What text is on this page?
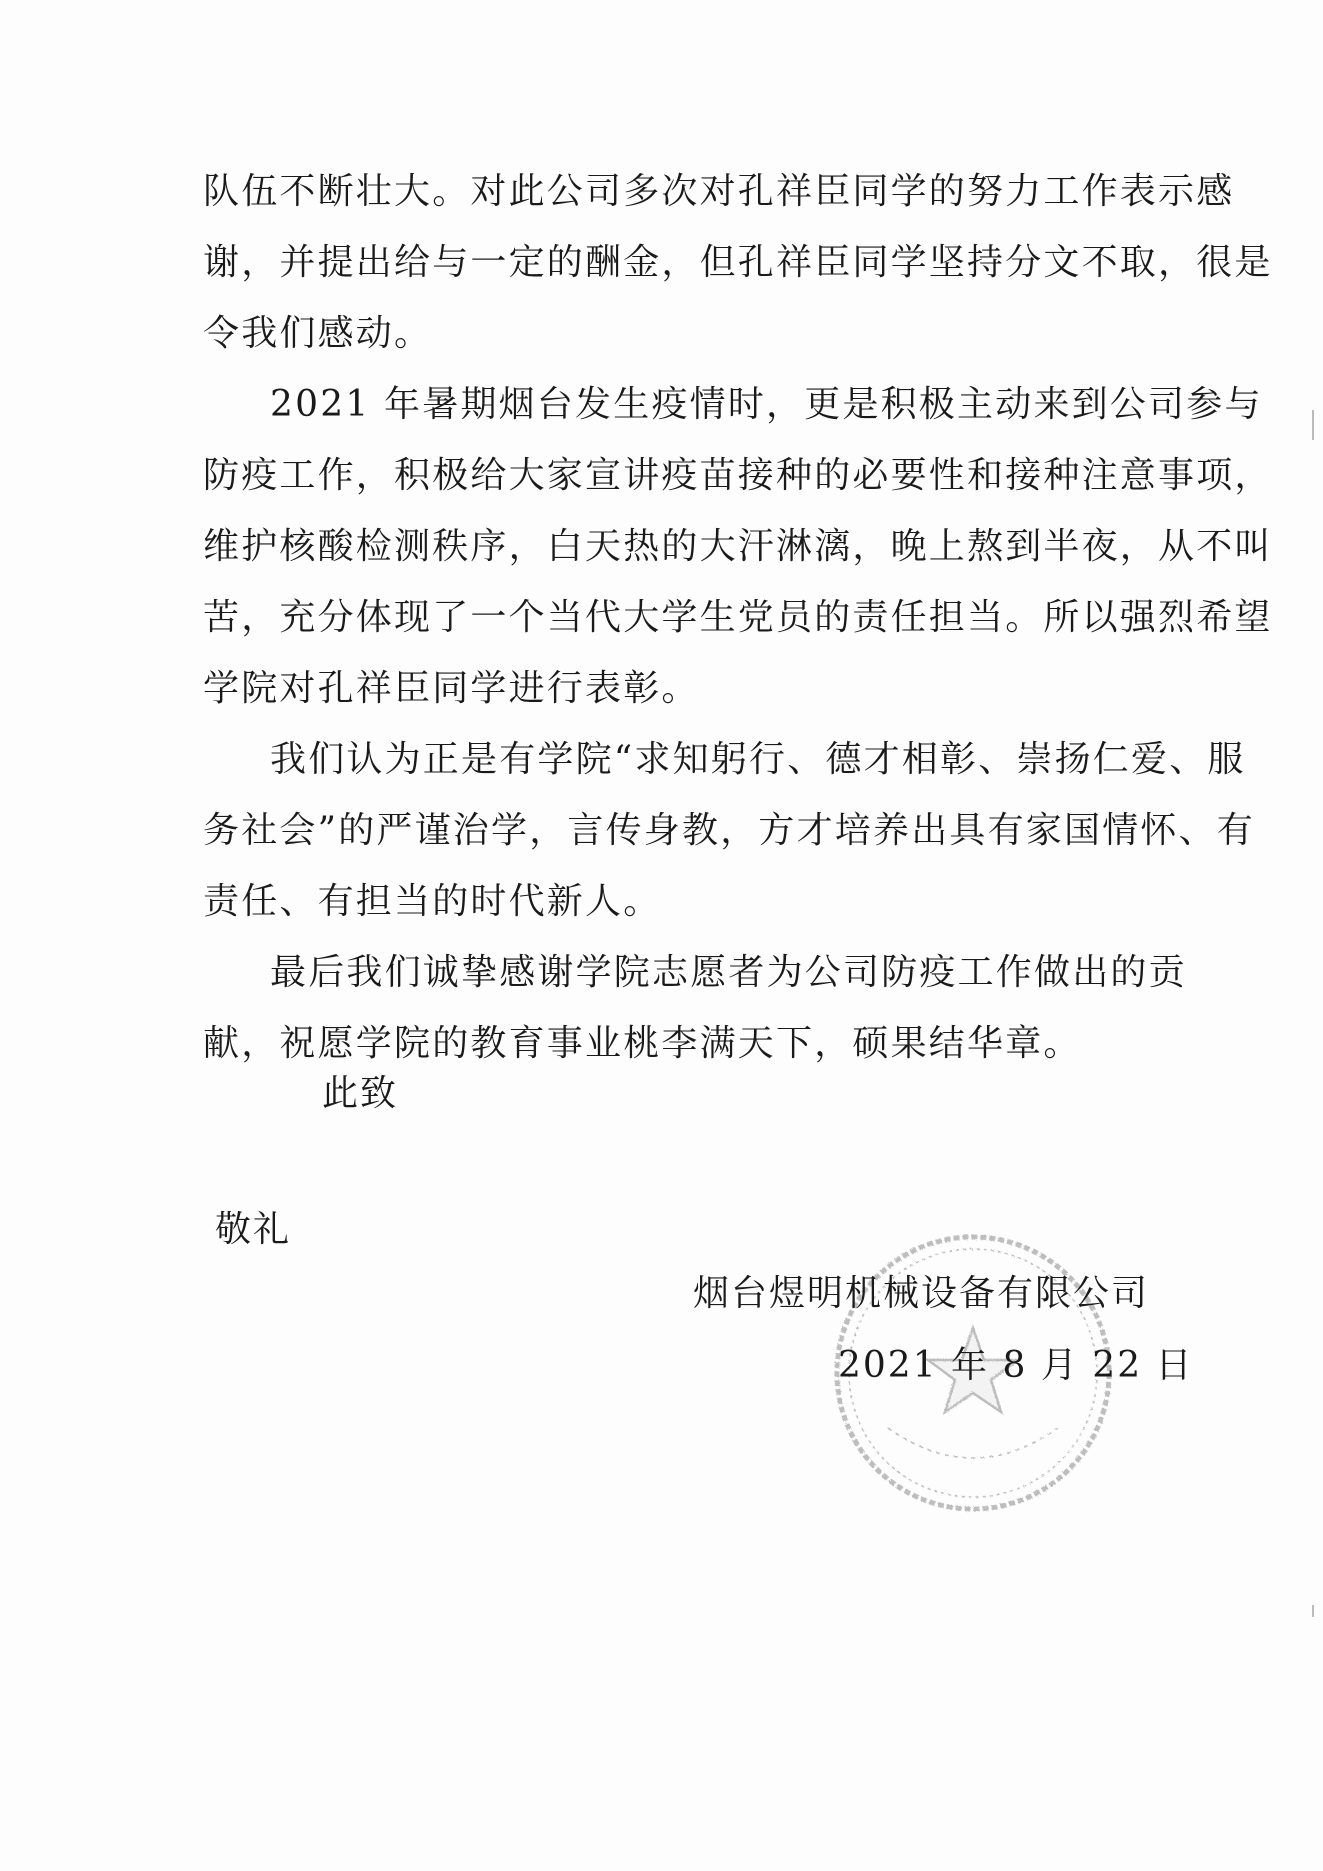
队伍不断壮大。对此公司多次对孔祥臣同学的努力工作表示感
谢，并提出给与一定的酬金，但孔祥臣同学坚持分文不取，很是
令我们感动。
2021 年暑期烟台发生疫情时，更是积极主动来到公司参与
防疫工作，积极给大家宣讲疫苗接种的必要性和接种注意事项，
维护核酸检测秩序，白天热的大汗淋漓，晚上熬到半夜，从不叫
苦，充分体现了一个当代大学生党员的责任担当。所以强烈希望
学院对孔祥臣同学进行表彰。
我们认为正是有学院“求知躬行、德才相彰、崇扬仁爱、服
务社会”的严谨治学，言传身教，方才培养出具有家国情怀、有
责任、有担当的时代新人。
最后我们诚挚感谢学院志愿者为公司防疫工作做出的贡
献，祝愿学院的教育事业桃李满天下，硕果结华章。
此致
敬礼
烟台煜明机械设备有限公司
2021 年 8 月 22 日
